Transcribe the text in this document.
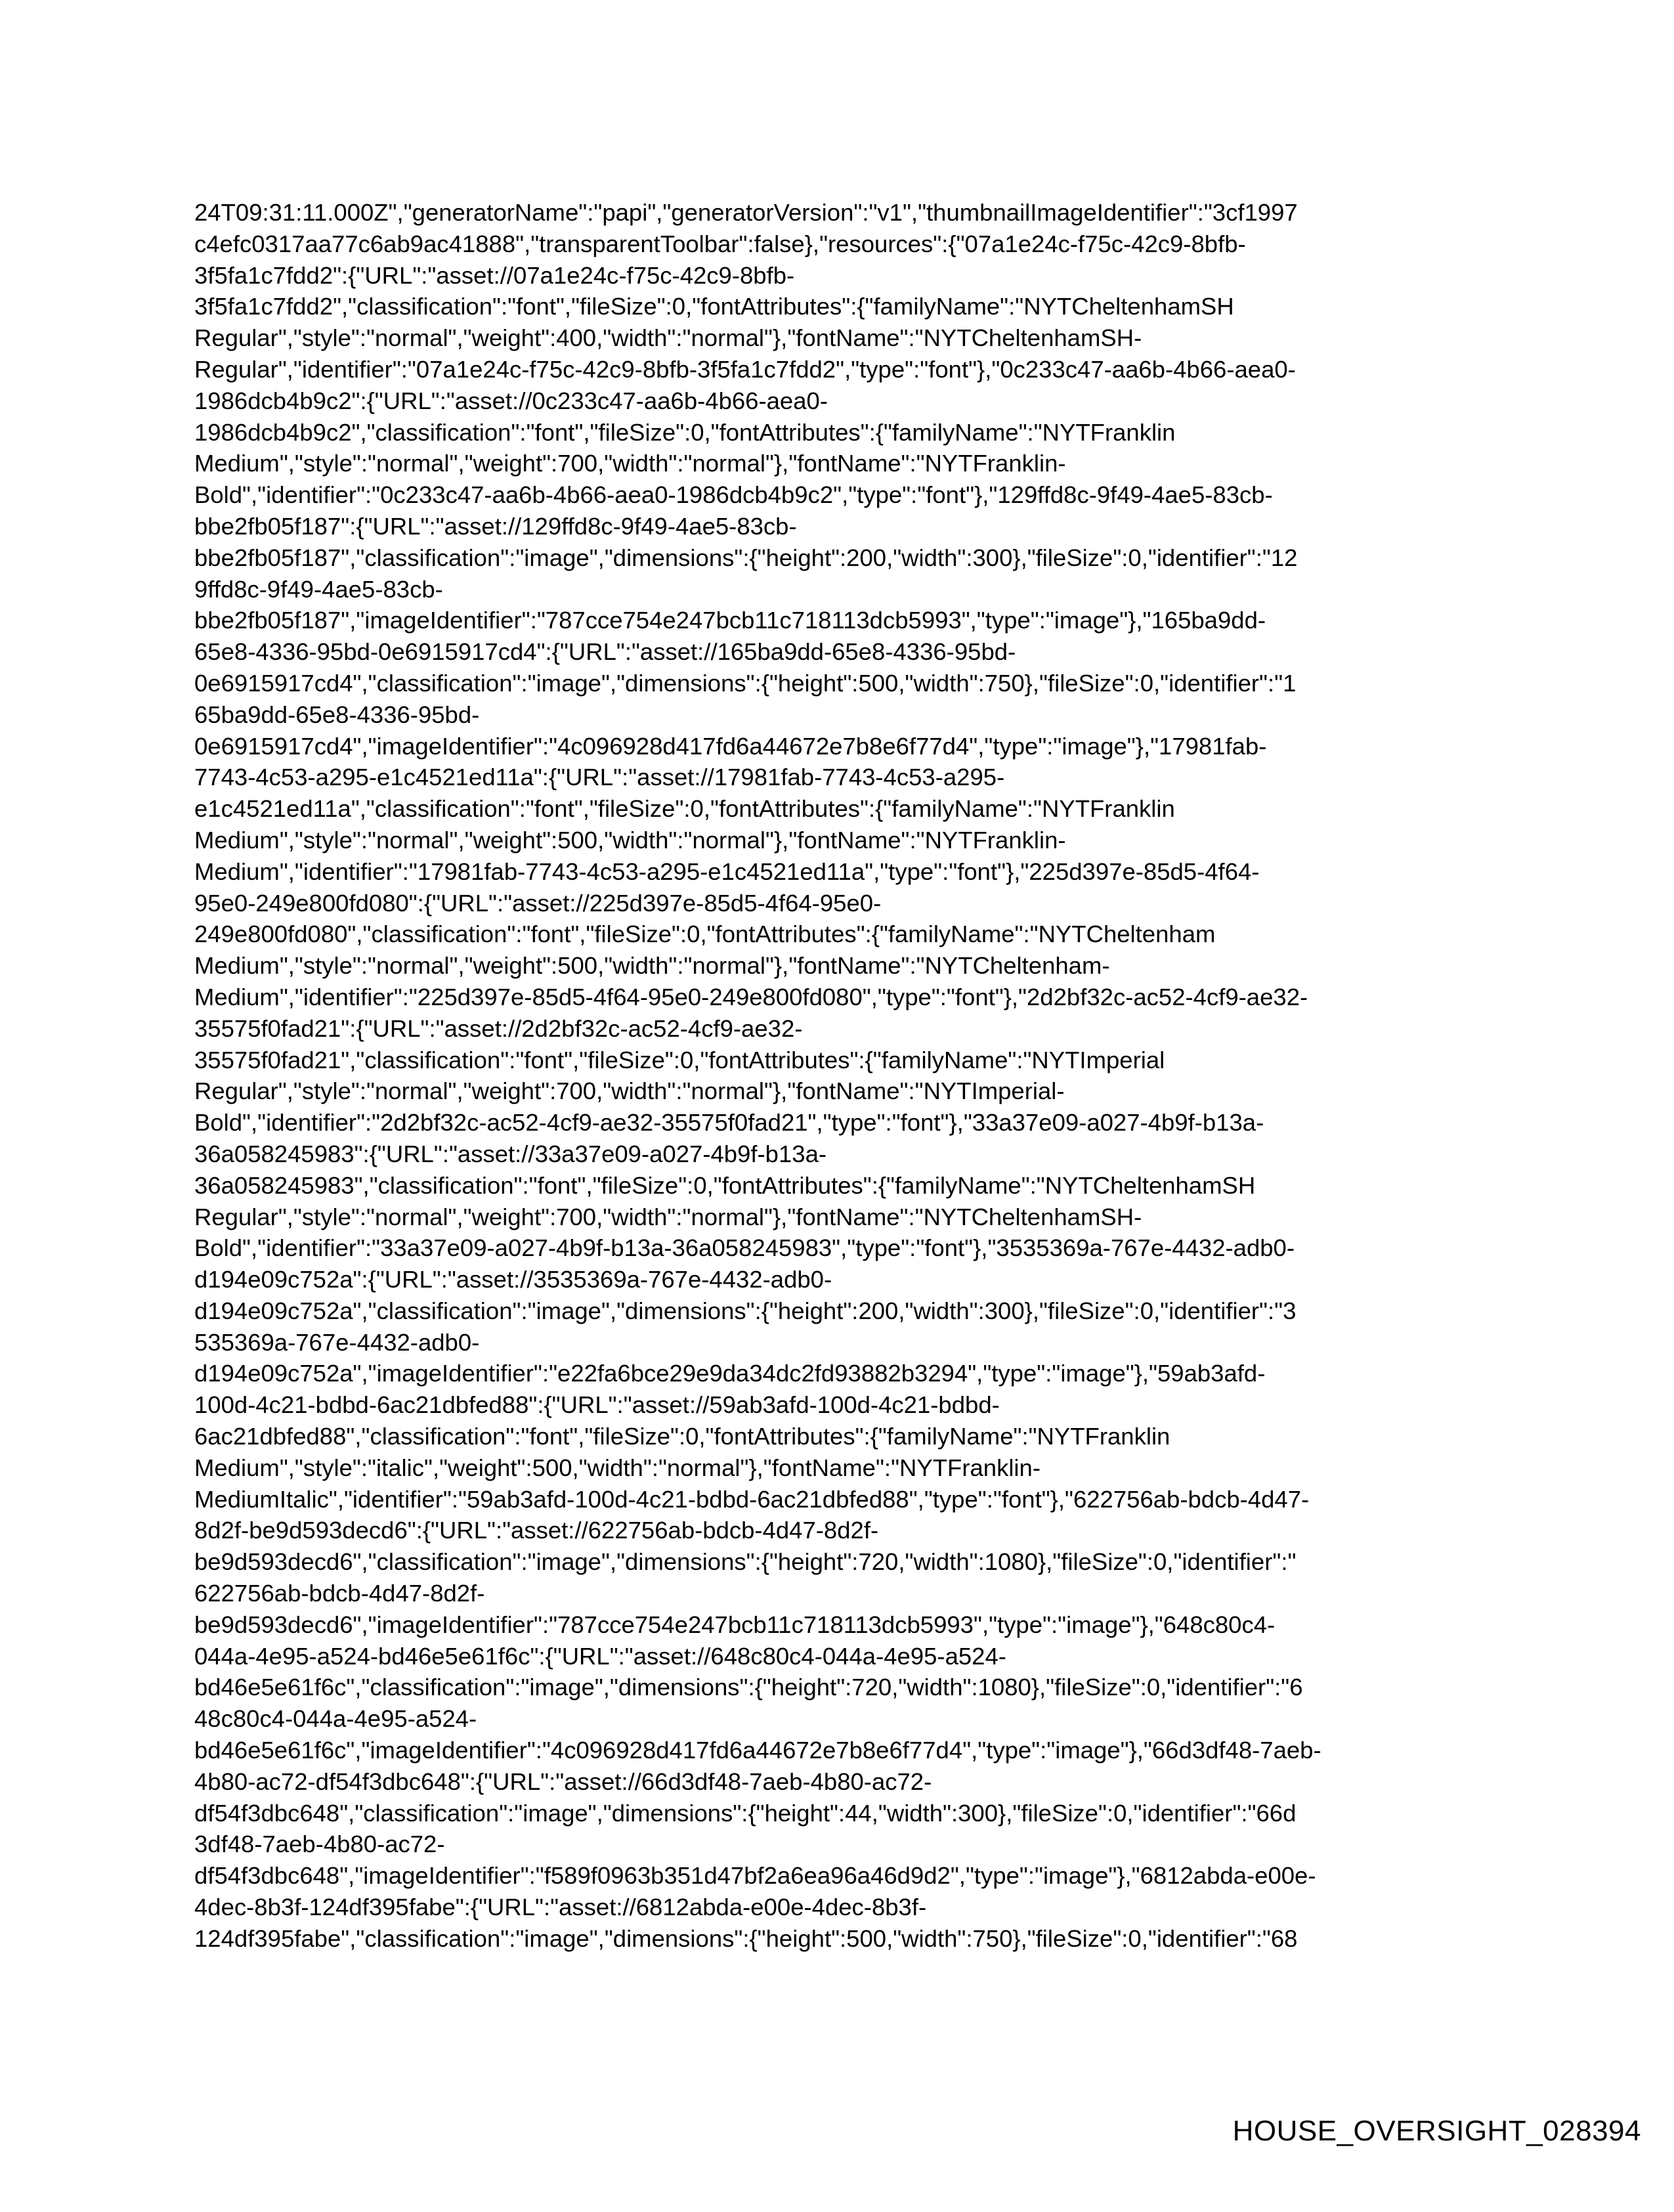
24T09:31:11.000Z","generatorName":"papi","generatorVersion":"v1","thumbnailImageIdentifier":"3cf1997
c4efc0317aa77c6ab9ac41888","transparentToolbar":false},"resources":{"07a1e24c-f75c-42c9-8bfb-
3f5fa1c7fdd2":{"URL":"asset://07a1e24c-f75c-42c9-8bfb-
3f5fa1c7fdd2","classification":"font","fileSize":0,"fontAttributes":{"familyName":"NYTCheltenhamSH
Regular","style":"normal","weight":400,"width":"normal"},"fontName":"NYTCheltenhamSH-
Regular","identifier":"07a1e24c-f75c-42c9-8bfb-3f5fa1c7fdd2","type":"font"},"0c233c47-aa6b-4b66-aea0-
1986dcb4b9c2":{"URL":"asset://0c233c47-aa6b-4b66-aea0-
1986dcb4b9c2","classification":"font","fileSize":0,"fontAttributes":{"familyName":"NYTFranklin
Medium","style":"normal","weight":700,"width":"normal"},"fontName":"NYTFranklin-
Bold","identifier":"0c233c47-aa6b-4b66-aea0-1986dcb4b9c2","type":"font"},"129ffd8c-9f49-4ae5-83cb-
bbe2fb05f187":{"URL":"asset://129ffd8c-9f49-4ae5-83cb-
bbe2fb05f187","classification":"image","dimensions":{"height":200,"width":300},"fileSize":0,"identifier":"12
9ffd8c-9f49-4ae5-83cb-
bbe2fb05f187","imageIdentifier":"787cce754e247bcb11c718113dcb5993","type":"image"},"165ba9dd-
65e8-4336-95bd-0e6915917cd4":{"URL":"asset://165ba9dd-65e8-4336-95bd-
0e6915917cd4","classification":"image","dimensions":{"height":500,"width":750},"fileSize":0,"identifier":"1
65ba9dd-65e8-4336-95bd-
0e6915917cd4","imageIdentifier":"4c096928d417fd6a44672e7b8e6f77d4","type":"image"},"17981fab-
7743-4c53-a295-e1c4521ed11a":{"URL":"asset://17981fab-7743-4c53-a295-
e1c4521ed11a","classification":"font","fileSize":0,"fontAttributes":{"familyName":"NYTFranklin
Medium","style":"normal","weight":500,"width":"normal"},"fontName":"NYTFranklin-
Medium","identifier":"17981fab-7743-4c53-a295-e1c4521ed11a","type":"font"},"225d397e-85d5-4f64-
95e0-249e800fd080":{"URL":"asset://225d397e-85d5-4f64-95e0-
249e800fd080","classification":"font","fileSize":0,"fontAttributes":{"familyName":"NYTCheltenham
Medium","style":"normal","weight":500,"width":"normal"},"fontName":"NYTCheltenham-
Medium","identifier":"225d397e-85d5-4f64-95e0-249e800fd080","type":"font"},"2d2bf32c-ac52-4cf9-ae32-
35575f0fad21":{"URL":"asset://2d2bf32c-ac52-4cf9-ae32-
35575f0fad21","classification":"font","fileSize":0,"fontAttributes":{"familyName":"NYTImperial
Regular","style":"normal","weight":700,"width":"normal"},"fontName":"NYTImperial-
Bold","identifier":"2d2bf32c-ac52-4cf9-ae32-35575f0fad21","type":"font"},"33a37e09-a027-4b9f-b13a-
36a058245983":{"URL":"asset://33a37e09-a027-4b9f-b13a-
36a058245983","classification":"font","fileSize":0,"fontAttributes":{"familyName":"NYTCheltenhamSH
Regular","style":"normal","weight":700,"width":"normal"},"fontName":"NYTCheltenhamSH-
Bold","identifier":"33a37e09-a027-4b9f-b13a-36a058245983","type":"font"},"3535369a-767e-4432-adb0-
d194e09c752a":{"URL":"asset://3535369a-767e-4432-adb0-
d194e09c752a","classification":"image","dimensions":{"height":200,"width":300},"fileSize":0,"identifier":"3
535369a-767e-4432-adb0-
d194e09c752a","imageIdentifier":"e22fa6bce29e9da34dc2fd93882b3294","type":"image"},"59ab3afd-
100d-4c21-bdbd-6ac21dbfed88":{"URL":"asset://59ab3afd-100d-4c21-bdbd-
6ac21dbfed88","classification":"font","fileSize":0,"fontAttributes":{"familyName":"NYTFranklin
Medium","style":"italic","weight":500,"width":"normal"},"fontName":"NYTFranklin-
MediumItalic","identifier":"59ab3afd-100d-4c21-bdbd-6ac21dbfed88","type":"font"},"622756ab-bdcb-4d47-
8d2f-be9d593decd6":{"URL":"asset://622756ab-bdcb-4d47-8d2f-
be9d593decd6","classification":"image","dimensions":{"height":720,"width":1080},"fileSize":0,"identifier":"
622756ab-bdcb-4d47-8d2f-
be9d593decd6","imageIdentifier":"787cce754e247bcb11c718113dcb5993","type":"image"},"648c80c4-
044a-4e95-a524-bd46e5e61f6c":{"URL":"asset://648c80c4-044a-4e95-a524-
bd46e5e61f6c","classification":"image","dimensions":{"height":720,"width":1080},"fileSize":0,"identifier":"6
48c80c4-044a-4e95-a524-
bd46e5e61f6c","imageIdentifier":"4c096928d417fd6a44672e7b8e6f77d4","type":"image"},"66d3df48-7aeb-
4b80-ac72-df54f3dbc648":{"URL":"asset://66d3df48-7aeb-4b80-ac72-
df54f3dbc648","classification":"image","dimensions":{"height":44,"width":300},"fileSize":0,"identifier":"66d
3df48-7aeb-4b80-ac72-
df54f3dbc648","imageIdentifier":"f589f0963b351d47bf2a6ea96a46d9d2","type":"image"},"6812abda-e00e-
4dec-8b3f-124df395fabe":{"URL":"asset://6812abda-e00e-4dec-8b3f-
124df395fabe","classification":"image","dimensions":{"height":500,"width":750},"fileSize":0,"identifier":"68
HOUSE_OVERSIGHT_028394
